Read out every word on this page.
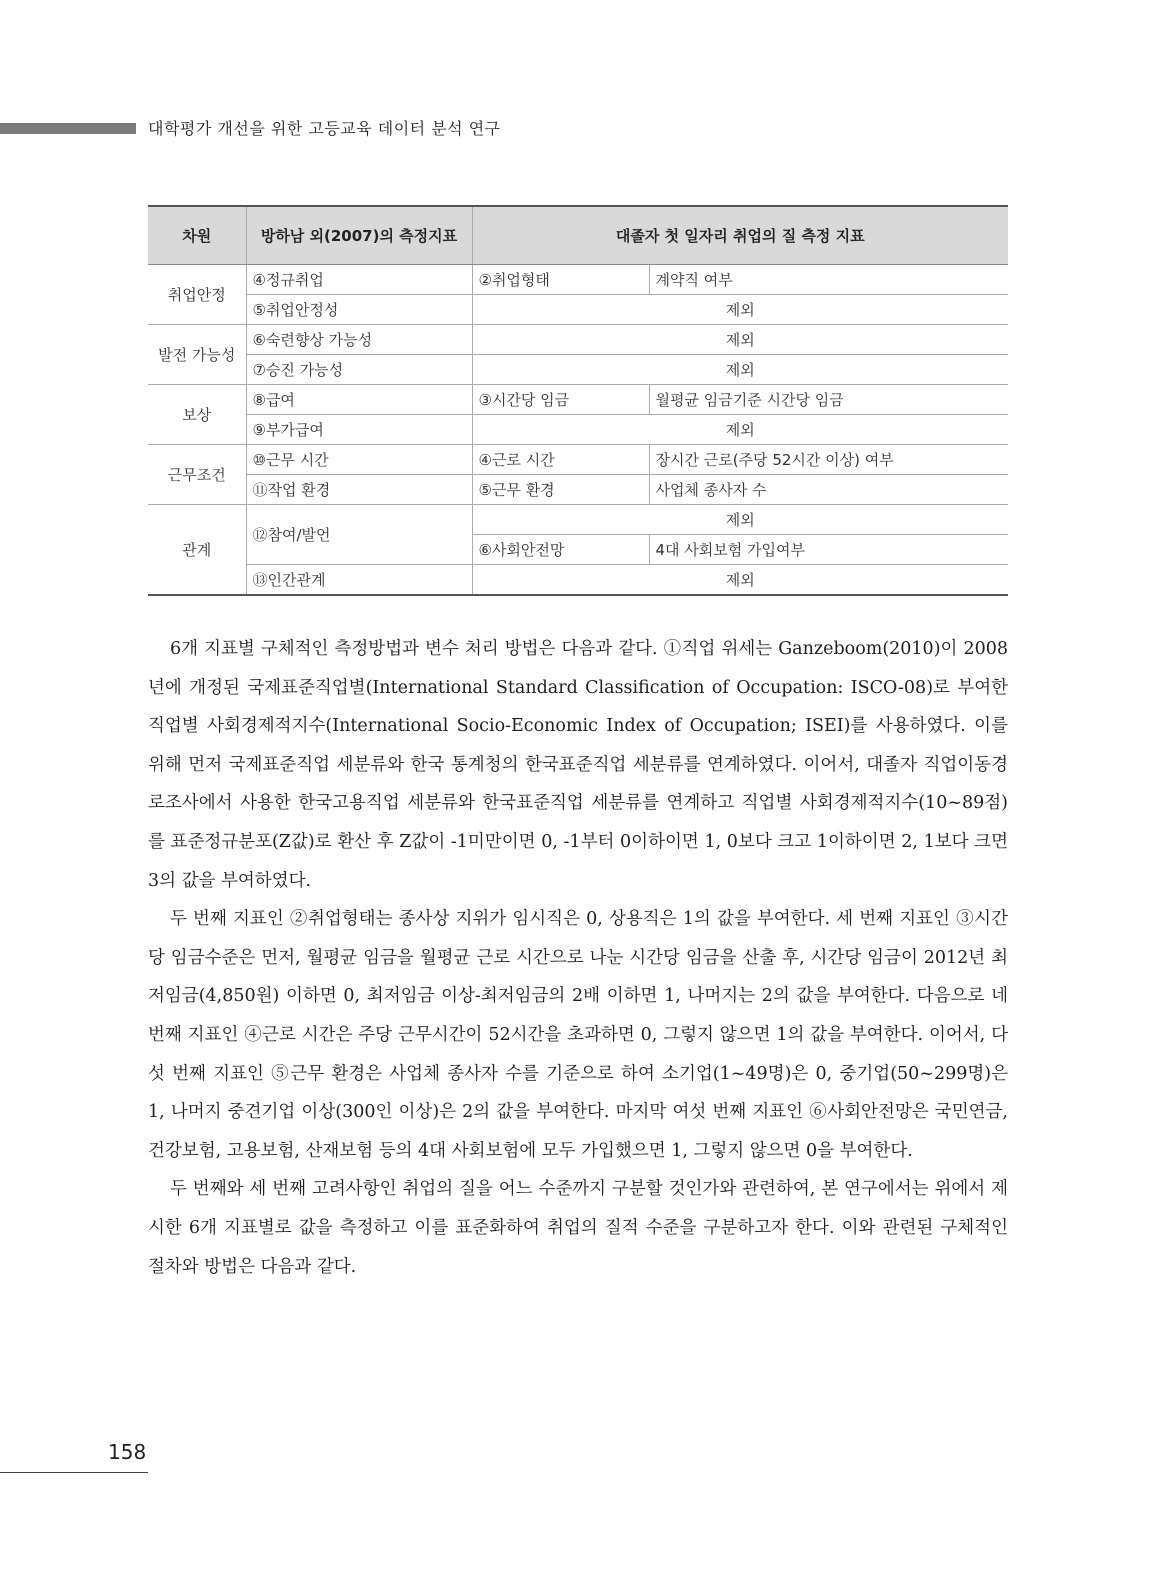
대학평가 개선을 위한 고등교육 데이터 분석 연구
차원	방하남 외(2007)의 측정지표	대졸자 첫 일자리 취업의 질 측정 지표	
취업안정	④정규취업	②취업형태	계약직 여부
	⑤취업안정성	제외	
발전 가능성	⑥숙련향상 가능성	제외	
	⑦승진 가능성	제외	
보상	⑧급여	③시간당 임금	월평균 임금기준 시간당 임금
	⑨부가급여	제외	
근무조건	⑩근무 시간	④근로 시간	장시간 근로(주당 52시간 이상) 여부
	⑪작업 환경	⑤근무 환경	사업체 종사자 수
관계	⑫참여/발언	제외	
		⑥사회안전망	4대 사회보험 가입여부
	⑬인간관계	제외	

6개 지표별 구체적인 측정방법과 변수 처리 방법은 다음과 같다. ①직업 위세는 Ganzeboom(2010)이 2008년에 개정된 국제표준직업별(International Standard Classification of Occupation: ISCO-08)로 부여한 직업별 사회경제적지수(International Socio-Economic Index of Occupation; ISEI)를 사용하였다. 이를 위해 먼저 국제표준직업 세분류와 한국 통계청의 한국표준직업 세분류를 연계하였다. 이어서, 대졸자 직업이동경로조사에서 사용한 한국고용직업 세분류와 한국표준직업 세분류를 연계하고 직업별 사회경제적지수(10~89점)를 표준정규분포(Z값)로 환산 후 Z값이 -1미만이면 0, -1부터 0이하이면 1, 0보다 크고 1이하이면 2, 1보다 크면 3의 값을 부여하였다.

두 번째 지표인 ②취업형태는 종사상 지위가 임시직은 0, 상용직은 1의 값을 부여한다. 세 번째 지표인 ③시간당 임금수준은 먼저, 월평균 임금을 월평균 근로 시간으로 나눈 시간당 임금을 산출 후, 시간당 임금이 2012년 최저임금(4,850원) 이하면 0, 최저임금 이상-최저임금의 2배 이하면 1, 나머지는 2의 값을 부여한다. 다음으로 네 번째 지표인 ④근로 시간은 주당 근무시간이 52시간을 초과하면 0, 그렇지 않으면 1의 값을 부여한다. 이어서, 다섯 번째 지표인 ⑤근무 환경은 사업체 종사자 수를 기준으로 하여 소기업(1~49명)은 0, 중기업(50~299명)은 1, 나머지 중견기업 이상(300인 이상)은 2의 값을 부여한다. 마지막 여섯 번째 지표인 ⑥사회안전망은 국민연금, 건강보험, 고용보험, 산재보험 등의 4대 사회보험에 모두 가입했으면 1, 그렇지 않으면 0을 부여한다.

두 번째와 세 번째 고려사항인 취업의 질을 어느 수준까지 구분할 것인가와 관련하여, 본 연구에서는 위에서 제시한 6개 지표별로 값을 측정하고 이를 표준화하여 취업의 질적 수준을 구분하고자 한다. 이와 관련된 구체적인 절차와 방법은 다음과 같다.

158
